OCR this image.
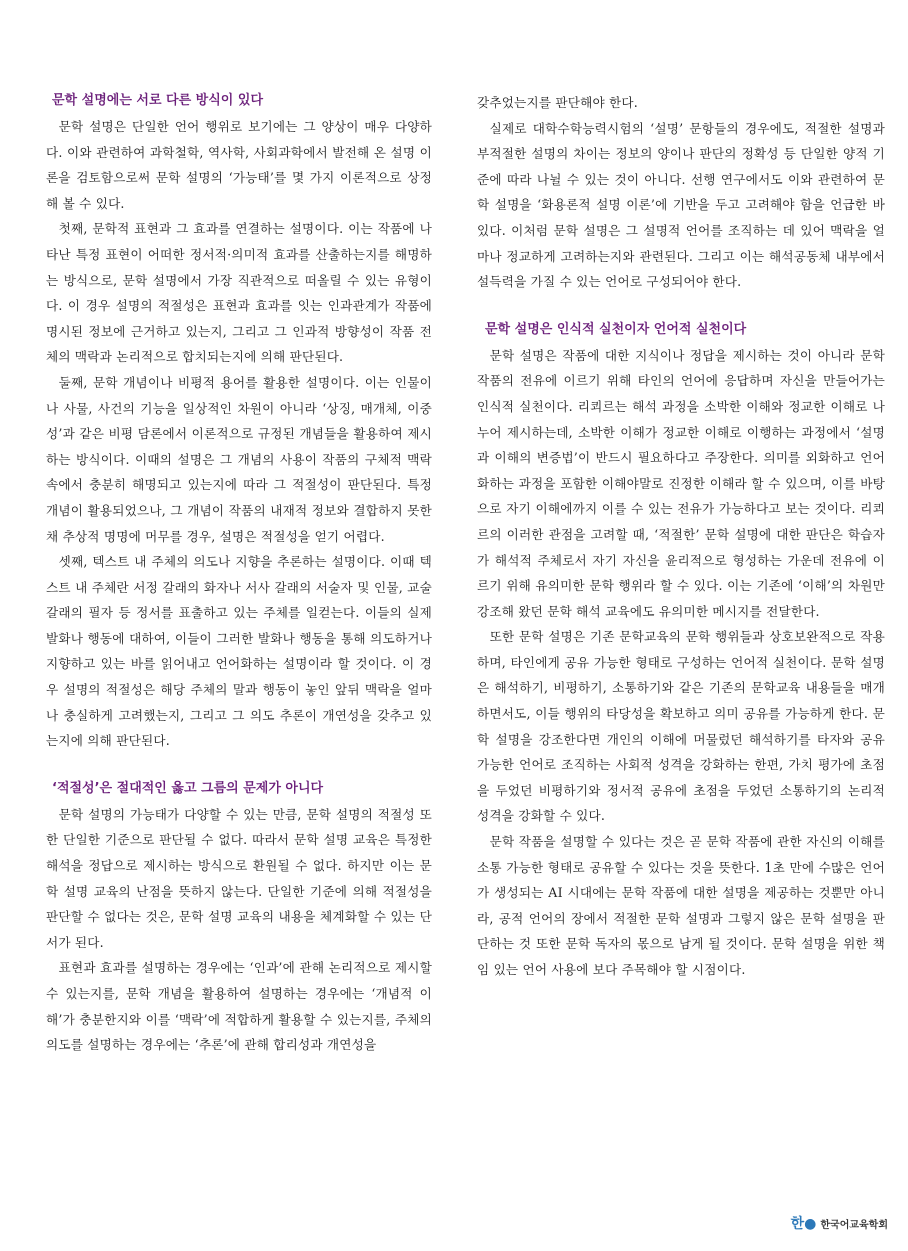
문학 설명에는 서로 다른 방식이 있다

문학 설명은 단일한 언어 행위로 보기에는 그 양상이 매우 다양하다. 이와 관련하여 과학철학, 역사학, 사회과학에서 발전해 온 설명 이론을 검토함으로써 문학 설명의 ‘가능태’를 몇 가지 이론적으로 상정해 볼 수 있다.

첫째, 문학적 표현과 그 효과를 연결하는 설명이다. 이는 작품에 나타난 특정 표현이 어떠한 정서적·의미적 효과를 산출하는지를 해명하는 방식으로, 문학 설명에서 가장 직관적으로 떠올릴 수 있는 유형이다. 이 경우 설명의 적절성은 표현과 효과를 잇는 인과관계가 작품에 명시된 정보에 근거하고 있는지, 그리고 그 인과적 방향성이 작품 전체의 맥락과 논리적으로 합치되는지에 의해 판단된다.

둘째, 문학 개념이나 비평적 용어를 활용한 설명이다. 이는 인물이나 사물, 사건의 기능을 일상적인 차원이 아니라 ‘상징, 매개체, 이중성’과 같은 비평 담론에서 이론적으로 규정된 개념들을 활용하여 제시하는 방식이다. 이때의 설명은 그 개념의 사용이 작품의 구체적 맥락 속에서 충분히 해명되고 있는지에 따라 그 적절성이 판단된다. 특정 개념이 활용되었으나, 그 개념이 작품의 내재적 정보와 결합하지 못한 채 추상적 명명에 머무를 경우, 설명은 적절성을 얻기 어렵다.

셋째, 텍스트 내 주체의 의도나 지향을 추론하는 설명이다. 이때 텍스트 내 주체란 서정 갈래의 화자나 서사 갈래의 서술자 및 인물, 교술 갈래의 필자 등 정서를 표출하고 있는 주체를 일컫는다. 이들의 실제 발화나 행동에 대하여, 이들이 그러한 발화나 행동을 통해 의도하거나 지향하고 있는 바를 읽어내고 언어화하는 설명이라 할 것이다. 이 경우 설명의 적절성은 해당 주체의 말과 행동이 놓인 앞뒤 맥락을 얼마나 충실하게 고려했는지, 그리고 그 의도 추론이 개연성을 갖추고 있는지에 의해 판단된다.

‘적절성’은 절대적인 옳고 그름의 문제가 아니다

문학 설명의 가능태가 다양할 수 있는 만큼, 문학 설명의 적절성 또한 단일한 기준으로 판단될 수 없다. 따라서 문학 설명 교육은 특정한 해석을 정답으로 제시하는 방식으로 환원될 수 없다. 하지만 이는 문학 설명 교육의 난점을 뜻하지 않는다. 단일한 기준에 의해 적절성을 판단할 수 없다는 것은, 문학 설명 교육의 내용을 체계화할 수 있는 단서가 된다.

표현과 효과를 설명하는 경우에는 ‘인과’에 관해 논리적으로 제시할 수 있는지를, 문학 개념을 활용하여 설명하는 경우에는 ‘개념적 이해’가 충분한지와 이를 ‘맥락’에 적합하게 활용할 수 있는지를, 주체의 의도를 설명하는 경우에는 ‘추론’에 관해 합리성과 개연성을

갖추었는지를 판단해야 한다.

실제로 대학수학능력시험의 ‘설명’ 문항들의 경우에도, 적절한 설명과 부적절한 설명의 차이는 정보의 양이나 판단의 정확성 등 단일한 양적 기준에 따라 나뉠 수 있는 것이 아니다. 선행 연구에서도 이와 관련하여 문학 설명을 ‘화용론적 설명 이론’에 기반을 두고 고려해야 함을 언급한 바 있다. 이처럼 문학 설명은 그 설명적 언어를 조직하는 데 있어 맥락을 얼마나 정교하게 고려하는지와 관련된다. 그리고 이는 해석공동체 내부에서 설득력을 가질 수 있는 언어로 구성되어야 한다.

문학 설명은 인식적 실천이자 언어적 실천이다

문학 설명은 작품에 대한 지식이나 정답을 제시하는 것이 아니라 문학 작품의 전유에 이르기 위해 타인의 언어에 응답하며 자신을 만들어가는 인식적 실천이다. 리쾨르는 해석 과정을 소박한 이해와 정교한 이해로 나누어 제시하는데, 소박한 이해가 정교한 이해로 이행하는 과정에서 ‘설명과 이해의 변증법’이 반드시 필요하다고 주장한다. 의미를 외화하고 언어화하는 과정을 포함한 이해야말로 진정한 이해라 할 수 있으며, 이를 바탕으로 자기 이해에까지 이를 수 있는 전유가 가능하다고 보는 것이다. 리쾨르의 이러한 관점을 고려할 때, ‘적절한’ 문학 설명에 대한 판단은 학습자가 해석적 주체로서 자기 자신을 윤리적으로 형성하는 가운데 전유에 이르기 위해 유의미한 문학 행위라 할 수 있다. 이는 기존에 ‘이해’의 차원만 강조해 왔던 문학 해석 교육에도 유의미한 메시지를 전달한다.

또한 문학 설명은 기존 문학교육의 문학 행위들과 상호보완적으로 작용하며, 타인에게 공유 가능한 형태로 구성하는 언어적 실천이다. 문학 설명은 해석하기, 비평하기, 소통하기와 같은 기존의 문학교육 내용들을 매개하면서도, 이들 행위의 타당성을 확보하고 의미 공유를 가능하게 한다. 문학 설명을 강조한다면 개인의 이해에 머물렀던 해석하기를 타자와 공유 가능한 언어로 조직하는 사회적 성격을 강화하는 한편, 가치 평가에 초점을 두었던 비평하기와 정서적 공유에 초점을 두었던 소통하기의 논리적 성격을 강화할 수 있다.

문학 작품을 설명할 수 있다는 것은 곧 문학 작품에 관한 자신의 이해를 소통 가능한 형태로 공유할 수 있다는 것을 뜻한다. 1초 만에 수많은 언어가 생성되는 AI 시대에는 문학 작품에 대한 설명을 제공하는 것뿐만 아니라, 공적 언어의 장에서 적절한 문학 설명과 그렇지 않은 문학 설명을 판단하는 것 또한 문학 독자의 몫으로 남게 될 것이다. 문학 설명을 위한 책임 있는 언어 사용에 보다 주목해야 할 시점이다.

한● 한국어교육학회
